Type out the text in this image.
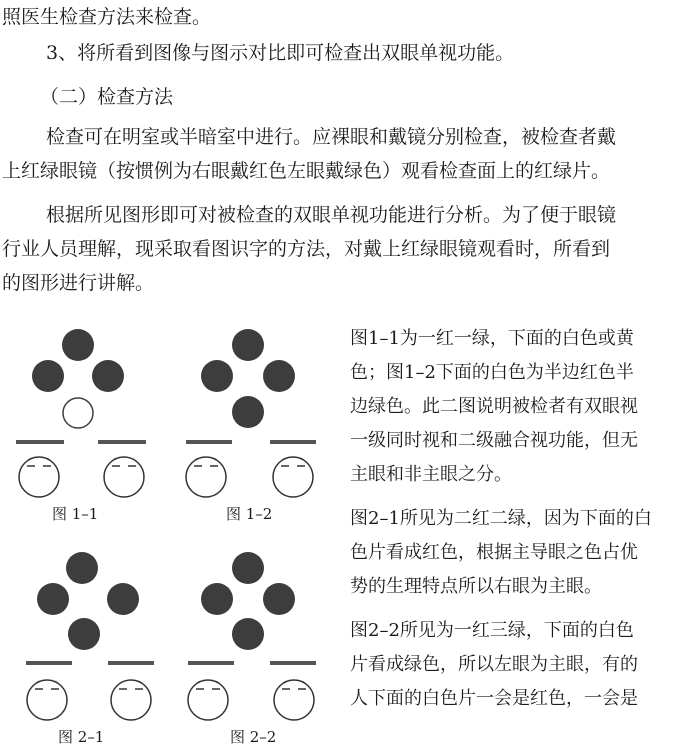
照医生检查方法来检查。
3、将所看到图像与图示对比即可检查出双眼单视功能。
（二）检查方法
检查可在明室或半暗室中进行。应裸眼和戴镜分别检查，被检查者戴
上红绿眼镜（按惯例为右眼戴红色左眼戴绿色）观看检查面上的红绿片。
根据所见图形即可对被检查的双眼单视功能进行分析。为了便于眼镜
行业人员理解，现采取看图识字的方法，对戴上红绿眼镜观看时，所看到
的图形进行讲解。
图 1–1	图 1–2
图 2–1	图 2–2
图1–1为一红一绿，下面的白色或黄
色；图1–2下面的白色为半边红色半
边绿色。此二图说明被检者有双眼视
一级同时视和二级融合视功能，但无
主眼和非主眼之分。
图2–1所见为二红二绿，因为下面的白
色片看成红色，根据主导眼之色占优
势的生理特点所以右眼为主眼。
图2–2所见为一红三绿，下面的白色
片看成绿色，所以左眼为主眼，有的
人下面的白色片一会是红色，一会是
